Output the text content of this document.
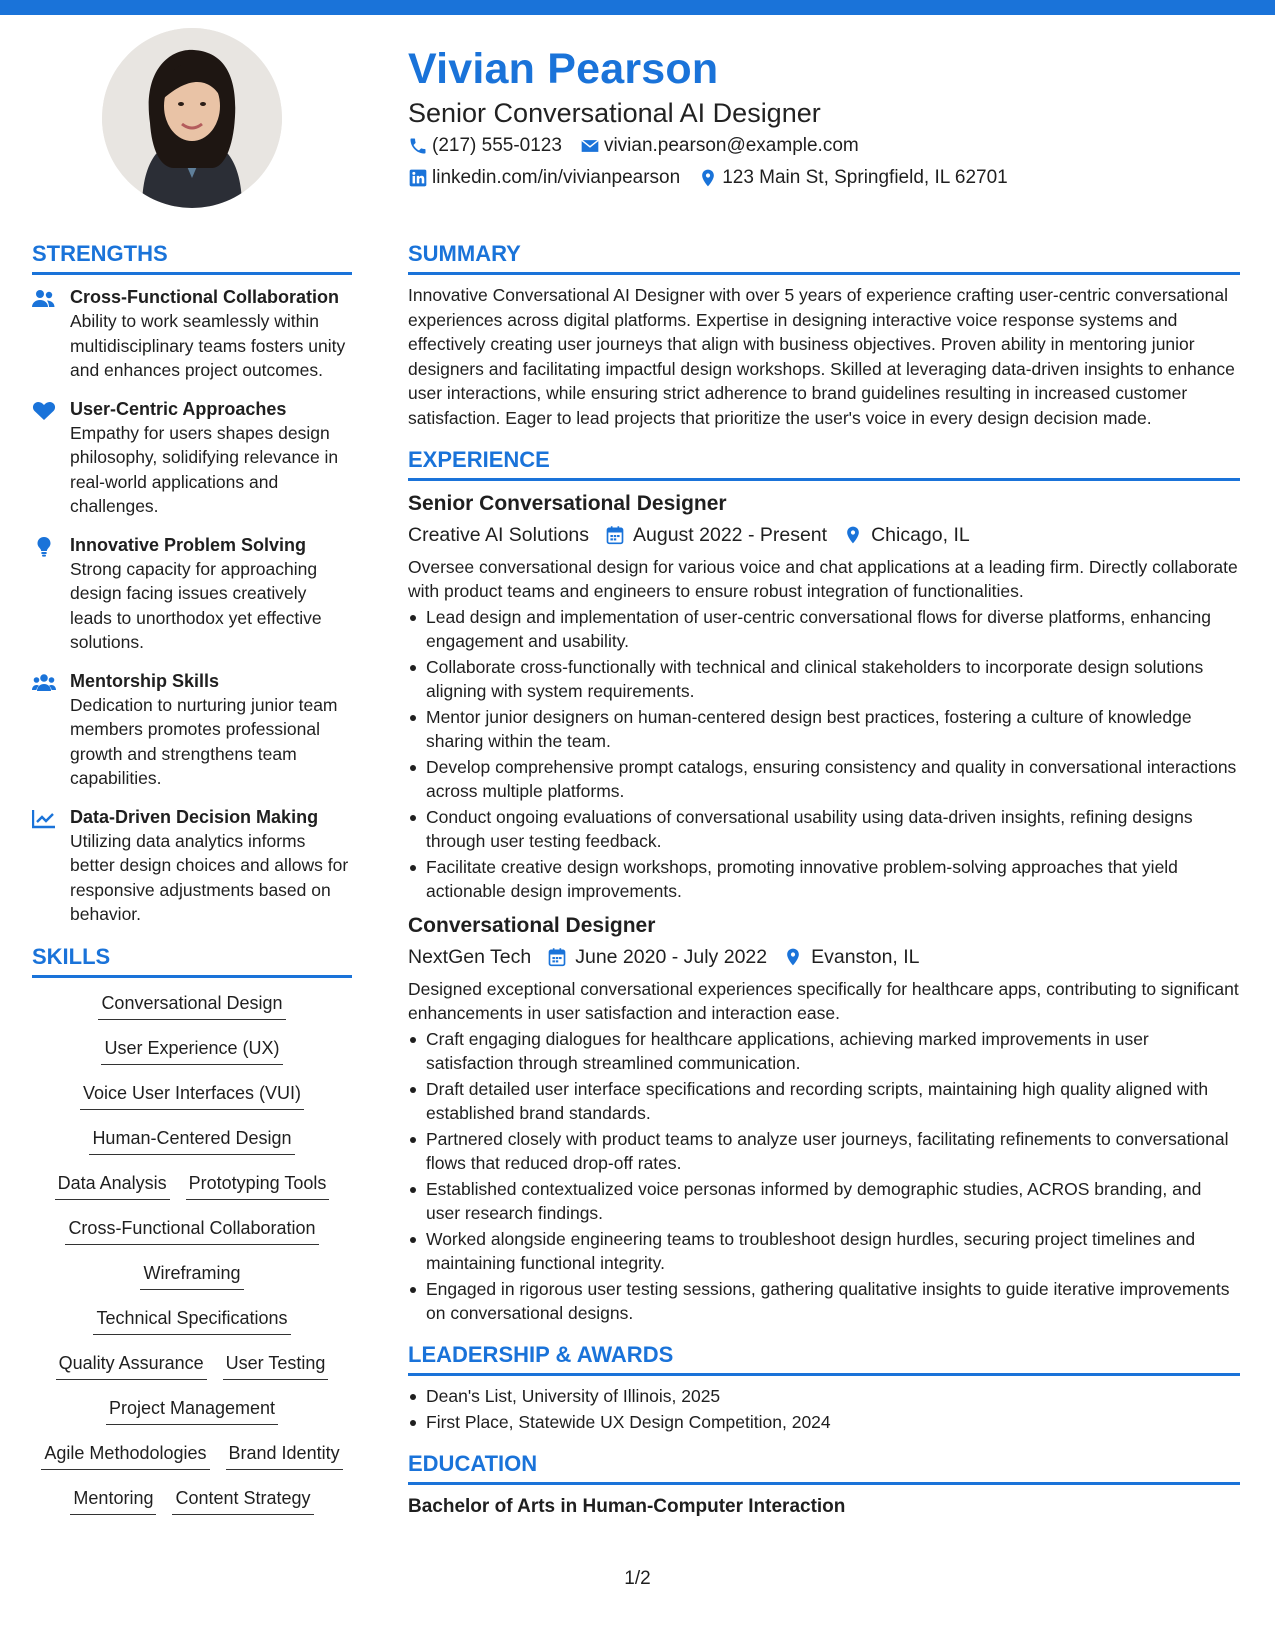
Vivian Pearson
Senior Conversational AI Designer
(217) 555-0123 vivian.pearson@example.com
linkedin.com/in/vivianpearson 123 Main St, Springfield, IL 62701
STRENGTHS
Cross-Functional Collaboration
Ability to work seamlessly within multidisciplinary teams fosters unity and enhances project outcomes.
User-Centric Approaches
Empathy for users shapes design philosophy, solidifying relevance in real-world applications and challenges.
Innovative Problem Solving
Strong capacity for approaching design facing issues creatively leads to unorthodox yet effective solutions.
Mentorship Skills
Dedication to nurturing junior team members promotes professional growth and strengthens team capabilities.
Data-Driven Decision Making
Utilizing data analytics informs better design choices and allows for responsive adjustments based on behavior.
SKILLS
Conversational Design
User Experience (UX)
Voice User Interfaces (VUI)
Human-Centered Design
Data Analysis Prototyping Tools
Cross-Functional Collaboration
Wireframing
Technical Specifications
Quality Assurance User Testing
Project Management
Agile Methodologies Brand Identity
Mentoring Content Strategy
SUMMARY
Innovative Conversational AI Designer with over 5 years of experience crafting user-centric conversational experiences across digital platforms. Expertise in designing interactive voice response systems and effectively creating user journeys that align with business objectives. Proven ability in mentoring junior designers and facilitating impactful design workshops. Skilled at leveraging data-driven insights to enhance user interactions, while ensuring strict adherence to brand guidelines resulting in increased customer satisfaction. Eager to lead projects that prioritize the user's voice in every design decision made.
EXPERIENCE
Senior Conversational Designer
Creative AI Solutions August 2022 - Present Chicago, IL
Oversee conversational design for various voice and chat applications at a leading firm. Directly collaborate with product teams and engineers to ensure robust integration of functionalities.
Lead design and implementation of user-centric conversational flows for diverse platforms, enhancing engagement and usability.
Collaborate cross-functionally with technical and clinical stakeholders to incorporate design solutions aligning with system requirements.
Mentor junior designers on human-centered design best practices, fostering a culture of knowledge sharing within the team.
Develop comprehensive prompt catalogs, ensuring consistency and quality in conversational interactions across multiple platforms.
Conduct ongoing evaluations of conversational usability using data-driven insights, refining designs through user testing feedback.
Facilitate creative design workshops, promoting innovative problem-solving approaches that yield actionable design improvements.
Conversational Designer
NextGen Tech June 2020 - July 2022 Evanston, IL
Designed exceptional conversational experiences specifically for healthcare apps, contributing to significant enhancements in user satisfaction and interaction ease.
Craft engaging dialogues for healthcare applications, achieving marked improvements in user satisfaction through streamlined communication.
Draft detailed user interface specifications and recording scripts, maintaining high quality aligned with established brand standards.
Partnered closely with product teams to analyze user journeys, facilitating refinements to conversational flows that reduced drop-off rates.
Established contextualized voice personas informed by demographic studies, ACROS branding, and user research findings.
Worked alongside engineering teams to troubleshoot design hurdles, securing project timelines and maintaining functional integrity.
Engaged in rigorous user testing sessions, gathering qualitative insights to guide iterative improvements on conversational designs.
LEADERSHIP & AWARDS
Dean's List, University of Illinois, 2025
First Place, Statewide UX Design Competition, 2024
EDUCATION
Bachelor of Arts in Human-Computer Interaction
1/2
